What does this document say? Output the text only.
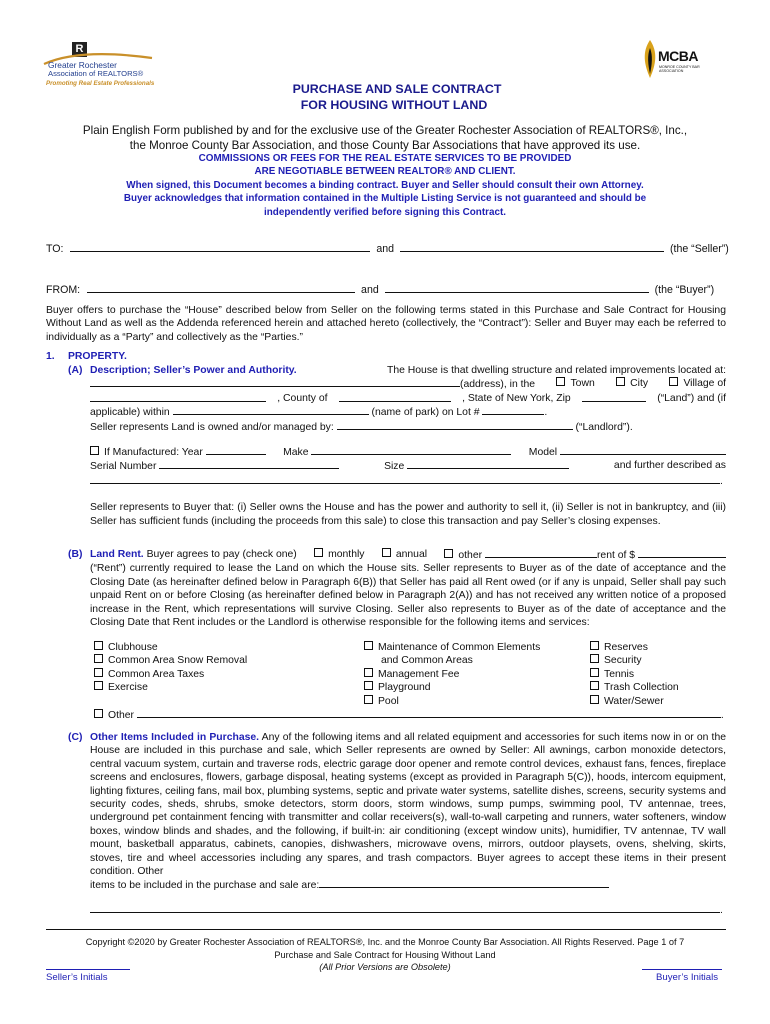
R
Greater Rochester
Association of REALTORS®
Promoting Real Estate Professionals
MCBA
MONROE COUNTY BAR ASSOCIATION
PURCHASE AND SALE CONTRACT
FOR HOUSING WITHOUT LAND
Plain English Form published by and for the exclusive use of the Greater Rochester Association of REALTORS®, Inc.,
the Monroe County Bar Association, and those County Bar Associations that have approved its use.
COMMISSIONS OR FEES FOR THE REAL ESTATE SERVICES TO BE PROVIDED
ARE NEGOTIABLE BETWEEN REALTOR® AND CLIENT.
When signed, this Document becomes a binding contract. Buyer and Seller should consult their own Attorney.
Buyer acknowledges that information contained in the Multiple Listing Service is not guaranteed and should be
independently verified before signing this Contract.
TO:	and	(the “Seller”)
FROM:	and	(the “Buyer”)
Buyer offers to purchase the “House” described below from Seller on the following terms stated in this Purchase and Sale Contract for Housing Without Land as well as the Addenda referenced herein and attached hereto (collectively, the “Contract”): Seller and Buyer may each be referred to individually as a “Party” and collectively as the “Parties.”
1. PROPERTY.
(A) Description; Seller’s Power and Authority.	The House is that dwelling structure and related improvements located at:
(address), in the	Town	City	Village of
, County of	, State of New York, Zip	(“Land”) and (if
applicable) within	(name of park) on Lot #	.
Seller represents Land is owned and/or managed by:	(“Landlord”).
If Manufactured: Year	Make	Model
Serial Number	Size	and further described as
.
Seller represents to Buyer that: (i) Seller owns the House and has the power and authority to sell it, (ii) Seller is not in bankruptcy, and (iii) Seller has sufficient funds (including the proceeds from this sale) to close this transaction and pay Seller’s closing expenses.
(B) Land Rent. Buyer agrees to pay (check one)	monthly	annual	other	rent of $
(“Rent”) currently required to lease the Land on which the House sits. Seller represents to Buyer as of the date of acceptance and the Closing Date (as hereinafter defined below in Paragraph 6(B)) that Seller has paid all Rent owed (or if any is unpaid, Seller shall pay such unpaid Rent on or before Closing (as hereinafter defined below in Paragraph 2(A)) and has not received any written notice of a proposed increase in the Rent, which representations will survive Closing. Seller also represents to Buyer as of the date of acceptance and the Closing Date that Rent includes or the Landlord is otherwise responsible for the following items and services:
Clubhouse
Common Area Snow Removal
Common Area Taxes
Exercise
Maintenance of Common Elements
and Common Areas
Management Fee
Playground
Pool
Reserves
Security
Tennis
Trash Collection
Water/Sewer
Other	.
(C) Other Items Included in Purchase. Any of the following items and all related equipment and accessories for such items now in or on the House are included in this purchase and sale, which Seller represents are owned by Seller: All awnings, carbon monoxide detectors, central vacuum system, curtain and traverse rods, electric garage door opener and remote control devices, exhaust fans, fences, fireplace screens and enclosures, flowers, garbage disposal, heating systems (except as provided in Paragraph 5(C)), hoods, intercom equipment, lighting fixtures, ceiling fans, mail box, plumbing systems, septic and private water systems, satellite dishes, screens, security systems and security codes, sheds, shrubs, smoke detectors, storm doors, storm windows, sump pumps, swimming pool, TV antennae, trees, underground pet containment fencing with transmitter and collar receivers(s), wall-to-wall carpeting and runners, water softeners, window boxes, window blinds and shades, and the following, if built-in: air conditioning (except window units), humidifier, TV antennae, TV wall mount, basketball apparatus, cabinets, canopies, dishwashers, microwave ovens, mirrors, outdoor playsets, ovens, shelving, skirts, stoves, tire and wheel accessories including any spares, and trash compactors. Buyer agrees to accept these items in their present condition. Other
items to be included in the purchase and sale are:
.
Copyright ©2020 by Greater Rochester Association of REALTORS®, Inc. and the Monroe County Bar Association. All Rights Reserved. Page 1 of 7
Purchase and Sale Contract for Housing Without Land
(All Prior Versions are Obsolete)
Seller’s Initials	Buyer’s Initials
